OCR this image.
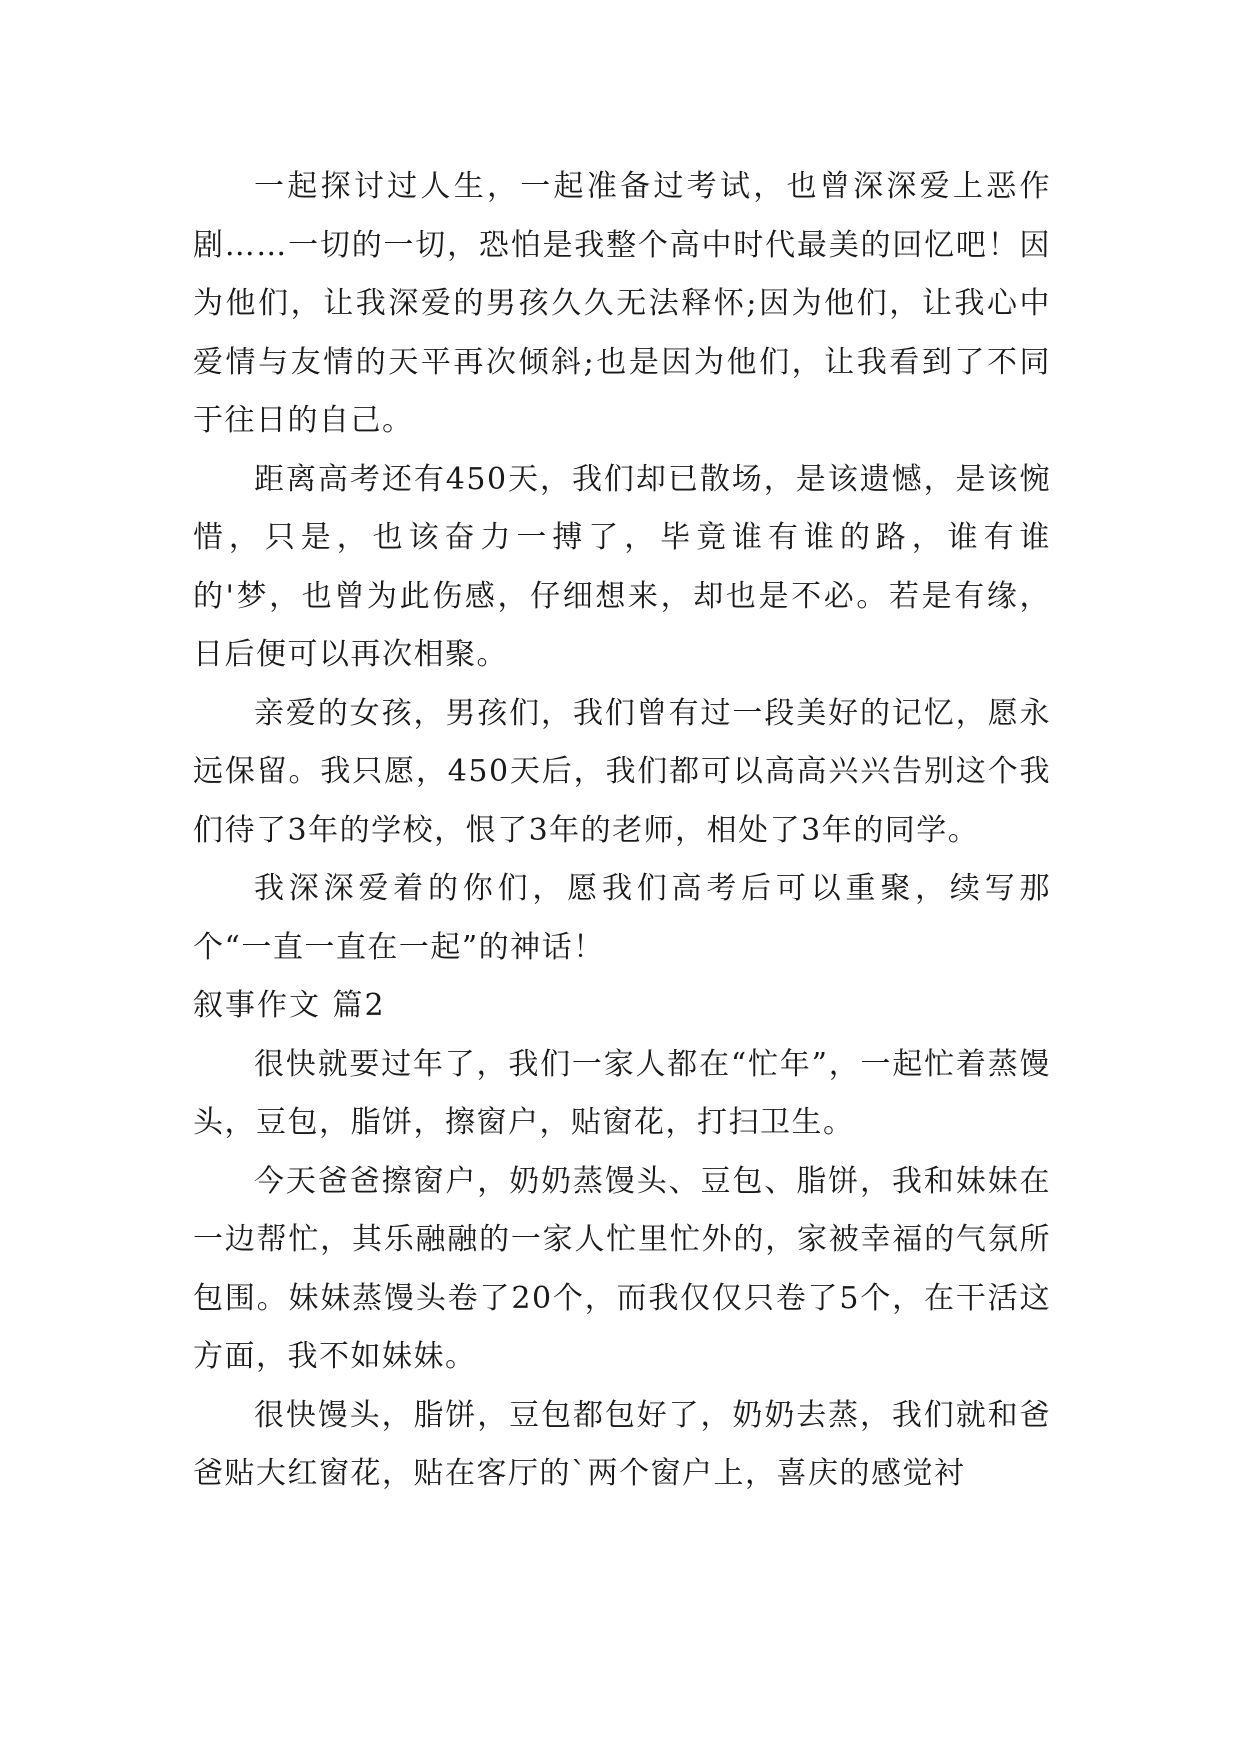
一起探讨过人生，一起准备过考试，也曾深深爱上恶作剧……一切的一切，恐怕是我整个高中时代最美的回忆吧！因为他们，让我深爱的男孩久久无法释怀;因为他们，让我心中爱情与友情的天平再次倾斜;也是因为他们，让我看到了不同于往日的自己。

距离高考还有450天，我们却已散场，是该遗憾，是该惋惜，只是，也该奋力一搏了，毕竟谁有谁的路，谁有谁的'梦，也曾为此伤感，仔细想来，却也是不必。若是有缘，日后便可以再次相聚。

亲爱的女孩，男孩们，我们曾有过一段美好的记忆，愿永远保留。我只愿，450天后，我们都可以高高兴兴告别这个我们待了3年的学校，恨了3年的老师，相处了3年的同学。

我深深爱着的你们，愿我们高考后可以重聚，续写那个“一直一直在一起”的神话！

叙事作文 篇2

很快就要过年了，我们一家人都在“忙年”，一起忙着蒸馒头，豆包，脂饼，擦窗户，贴窗花，打扫卫生。

今天爸爸擦窗户，奶奶蒸馒头、豆包、脂饼，我和妹妹在一边帮忙，其乐融融的一家人忙里忙外的，家被幸福的气氛所包围。妹妹蒸馒头卷了20个，而我仅仅只卷了5个，在干活这方面，我不如妹妹。

很快馒头，脂饼，豆包都包好了，奶奶去蒸，我们就和爸爸贴大红窗花，贴在客厅的`两个窗户上，喜庆的感觉衬
